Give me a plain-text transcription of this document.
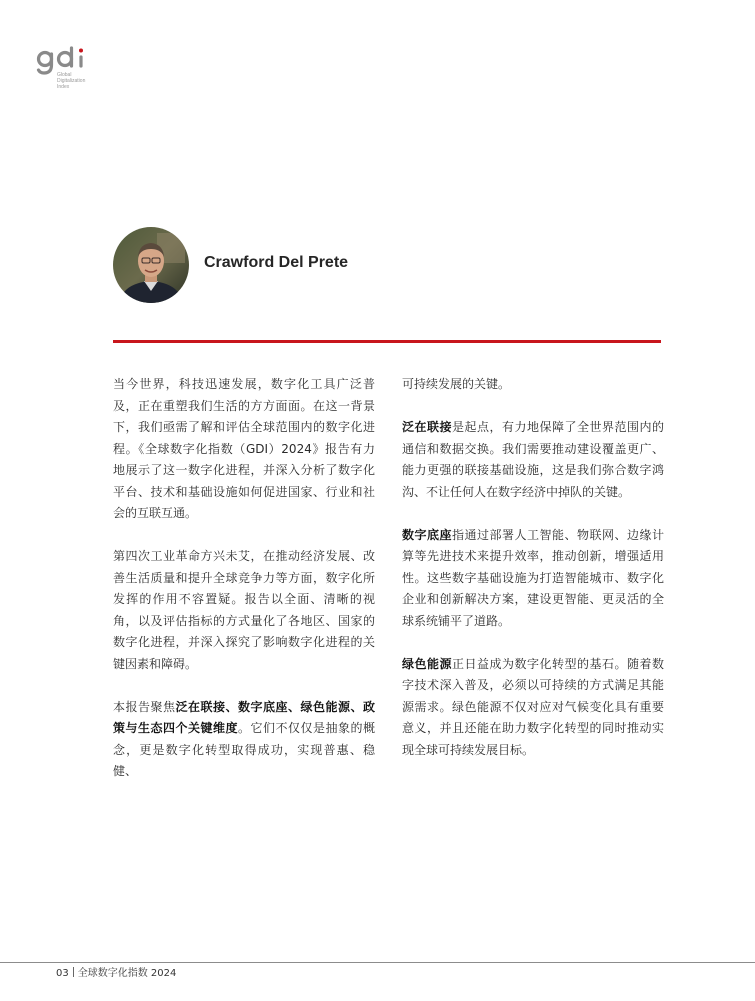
Global
Digitalization
Index
Crawford Del Prete

当今世界，科技迅速发展，数字化工具广泛普及，正在重塑我们生活的方方面面。在这一背景下，我们亟需了解和评估全球范围内的数字化进程。《全球数字化指数（GDI）2024》报告有力地展示了这一数字化进程，并深入分析了数字化平台、技术和基础设施如何促进国家、行业和社会的互联互通。

第四次工业革命方兴未艾，在推动经济发展、改善生活质量和提升全球竞争力等方面，数字化所发挥的作用不容置疑。报告以全面、清晰的视角，以及评估指标的方式量化了各地区、国家的数字化进程，并深入探究了影响数字化进程的关键因素和障碍。

本报告聚焦泛在联接、数字底座、绿色能源、政策与生态四个关键维度。它们不仅仅是抽象的概念，更是数字化转型取得成功，实现普惠、稳健、

可持续发展的关键。

泛在联接是起点，有力地保障了全世界范围内的通信和数据交换。我们需要推动建设覆盖更广、能力更强的联接基础设施，这是我们弥合数字鸿沟、不让任何人在数字经济中掉队的关键。

数字底座指通过部署人工智能、物联网、边缘计算等先进技术来提升效率，推动创新，增强适用性。这些数字基础设施为打造智能城市、数字化企业和创新解决方案，建设更智能、更灵活的全球系统铺平了道路。

绿色能源正日益成为数字化转型的基石。随着数字技术深入普及，必须以可持续的方式满足其能源需求。绿色能源不仅对应对气候变化具有重要意义，并且还能在助力数字化转型的同时推动实现全球可持续发展目标。

03 全球数字化指数 2024
